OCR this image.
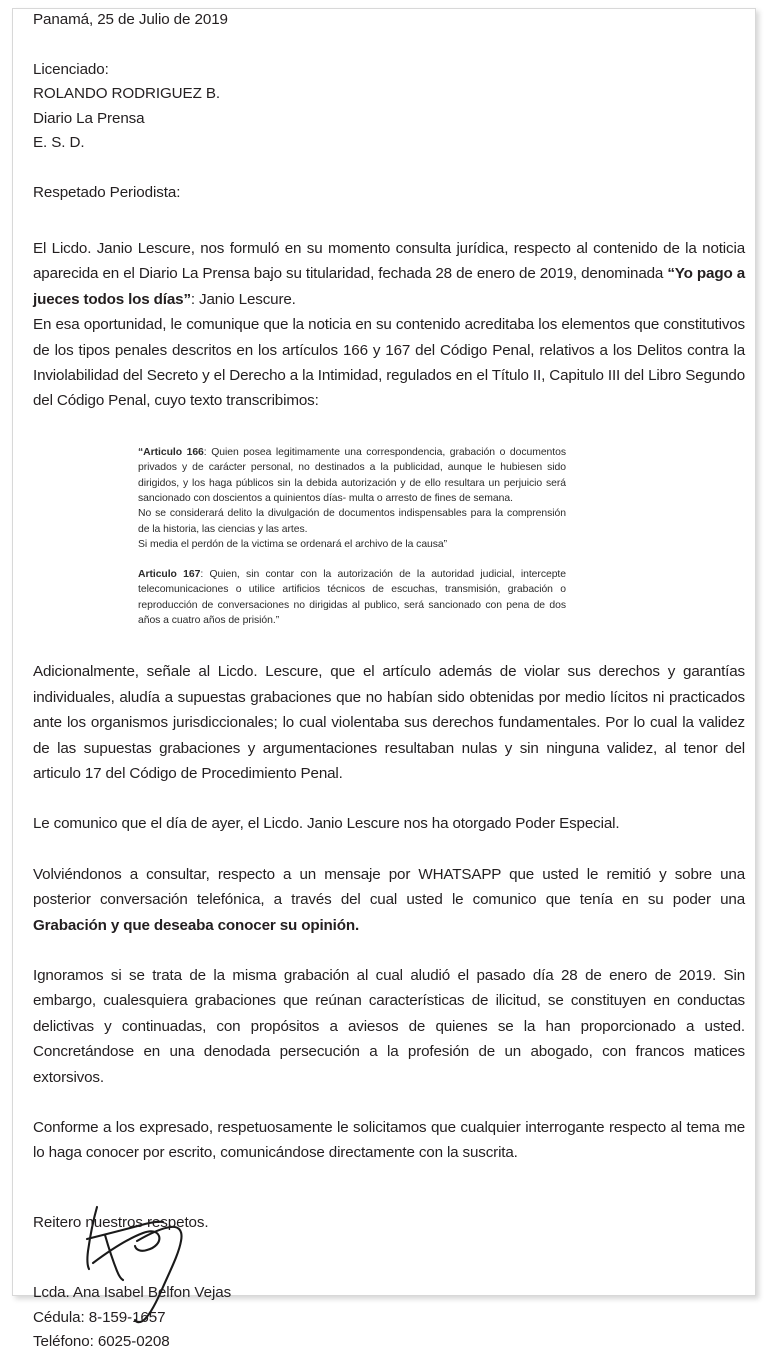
Panamá, 25 de Julio de 2019
Licenciado:
ROLANDO RODRIGUEZ B.
Diario La Prensa
E. S. D.
Respetado Periodista:

El Licdo. Janio Lescure, nos formuló en su momento consulta jurídica, respecto al contenido de la noticia aparecida en el Diario La Prensa bajo su titularidad, fechada 28 de enero de 2019, denominada “Yo pago a jueces todos los días”: Janio Lescure.

En esa oportunidad, le comunique que la noticia en su contenido acreditaba los elementos que constitutivos de los tipos penales descritos en los artículos 166 y 167 del Código Penal, relativos a los Delitos contra la Inviolabilidad del Secreto y el Derecho a la Intimidad, regulados en el Título II, Capitulo III del Libro Segundo del Código Penal, cuyo texto transcribimos:

“Articulo 166: Quien posea legitimamente una correspondencia, grabación o documentos privados y de carácter personal, no destinados a la publicidad, aunque le hubiesen sido dirigidos, y los haga públicos sin la debida autorización y de ello resultara un perjuicio será sancionado con doscientos a quinientos días- multa o arresto de fines de semana.

No se considerará delito la divulgación de documentos indispensables para la comprensión de la historia, las ciencias y las artes.

Si media el perdón de la victima se ordenará el archivo de la causa”

Articulo 167: Quien, sin contar con la autorización de la autoridad judicial, intercepte telecomunicaciones o utilice artificios técnicos de escuchas, transmisión, grabación o reproducción de conversaciones no dirigidas al publico, será sancionado con pena de dos años a cuatro años de prisión.”

Adicionalmente, señale al Licdo. Lescure, que el artículo además de violar sus derechos y garantías individuales, aludía a supuestas grabaciones que no habían sido obtenidas por medio lícitos ni practicados ante los organismos jurisdiccionales; lo cual violentaba sus derechos fundamentales. Por lo cual la validez de las supuestas grabaciones y argumentaciones resultaban nulas y sin ninguna validez, al tenor del articulo 17 del Código de Procedimiento Penal.

Le comunico que el día de ayer, el Licdo. Janio Lescure nos ha otorgado Poder Especial.

Volviéndonos a consultar, respecto a un mensaje por WHATSAPP que usted le remitió y sobre una posterior conversación telefónica, a través del cual usted le comunico que tenía en su poder una Grabación y que deseaba conocer su opinión.

Ignoramos si se trata de la misma grabación al cual aludió el pasado día 28 de enero de 2019. Sin embargo, cualesquiera grabaciones que reúnan características de ilicitud, se constituyen en conductas delictivas y continuadas, con propósitos a aviesos de quienes se la han proporcionado a usted. Concretándose en una denodada persecución a la profesión de un abogado, con francos matices extorsivos.

Conforme a los expresado, respetuosamente le solicitamos que cualquier interrogante respecto al tema me lo haga conocer por escrito, comunicándose directamente con la suscrita.

Reitero nuestros respetos.
Lcda. Ana Isabel Belfon Vejas
Cédula: 8-159-1657
Teléfono: 6025-0208
